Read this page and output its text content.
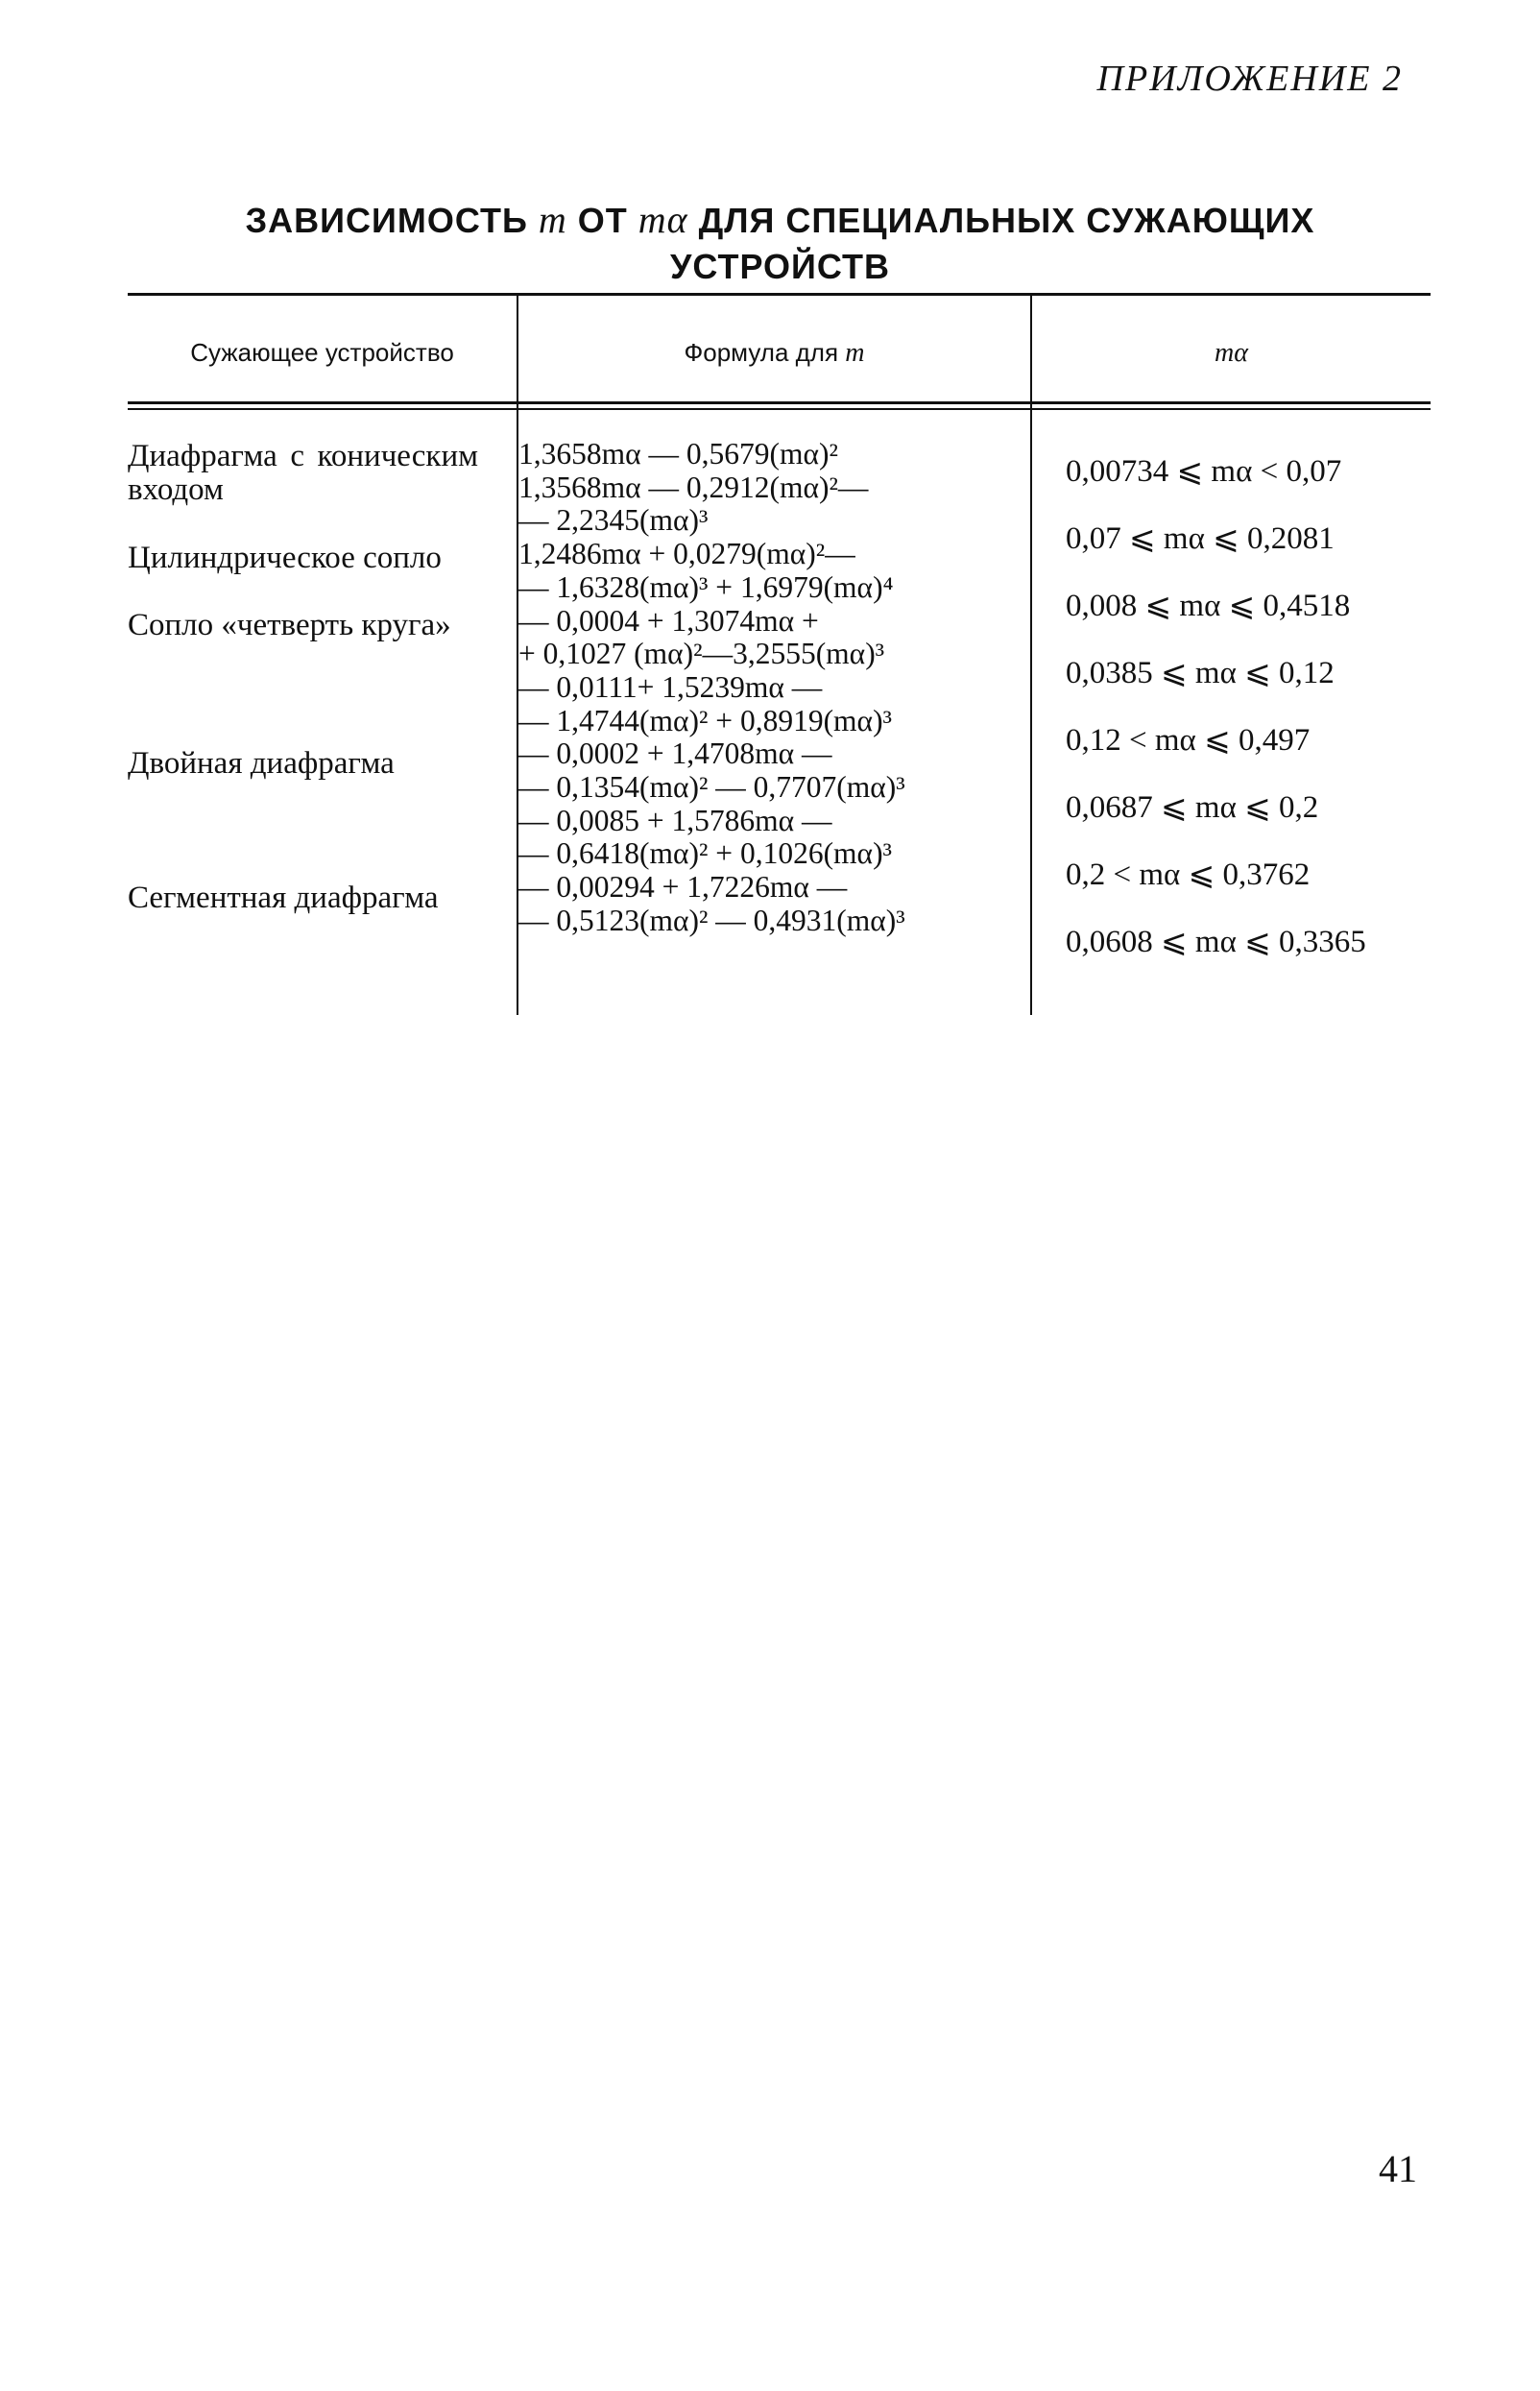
ПРИЛОЖЕНИЕ 2
ЗАВИСИМОСТЬ m ОТ mα ДЛЯ СПЕЦИАЛЬНЫХ СУЖАЮЩИХ
УСТРОЙСТВ
Сужающее устройство	Формула для m	mα
Диафрагма с коническим входом
Цилиндрическое сопло
Сопло «четверть круга»
Двойная диафрагма
Сегментная диафрагма
1,3658mα — 0,5679(mα)²
1,3568mα — 0,2912(mα)²—
— 2,2345(mα)³
1,2486mα + 0,0279(mα)²—
— 1,6328(mα)³ + 1,6979(mα)⁴
— 0,0004 + 1,3074mα +
+ 0,1027 (mα)²—3,2555(mα)³
— 0,0111+ 1,5239mα —
— 1,4744(mα)² + 0,8919(mα)³
— 0,0002 + 1,4708mα —
— 0,1354(mα)² — 0,7707(mα)³
— 0,0085 + 1,5786mα —
— 0,6418(mα)² + 0,1026(mα)³
— 0,00294 + 1,7226mα —
— 0,5123(mα)² — 0,4931(mα)³
0,00734 ⩽ mα < 0,07
0,07 ⩽ mα ⩽ 0,2081
0,008 ⩽ mα ⩽ 0,4518
0,0385 ⩽ mα ⩽ 0,12
0,12 < mα ⩽ 0,497
0,0687 ⩽ mα ⩽ 0,2
0,2 < mα ⩽ 0,3762
0,0608 ⩽ mα ⩽ 0,3365
41
